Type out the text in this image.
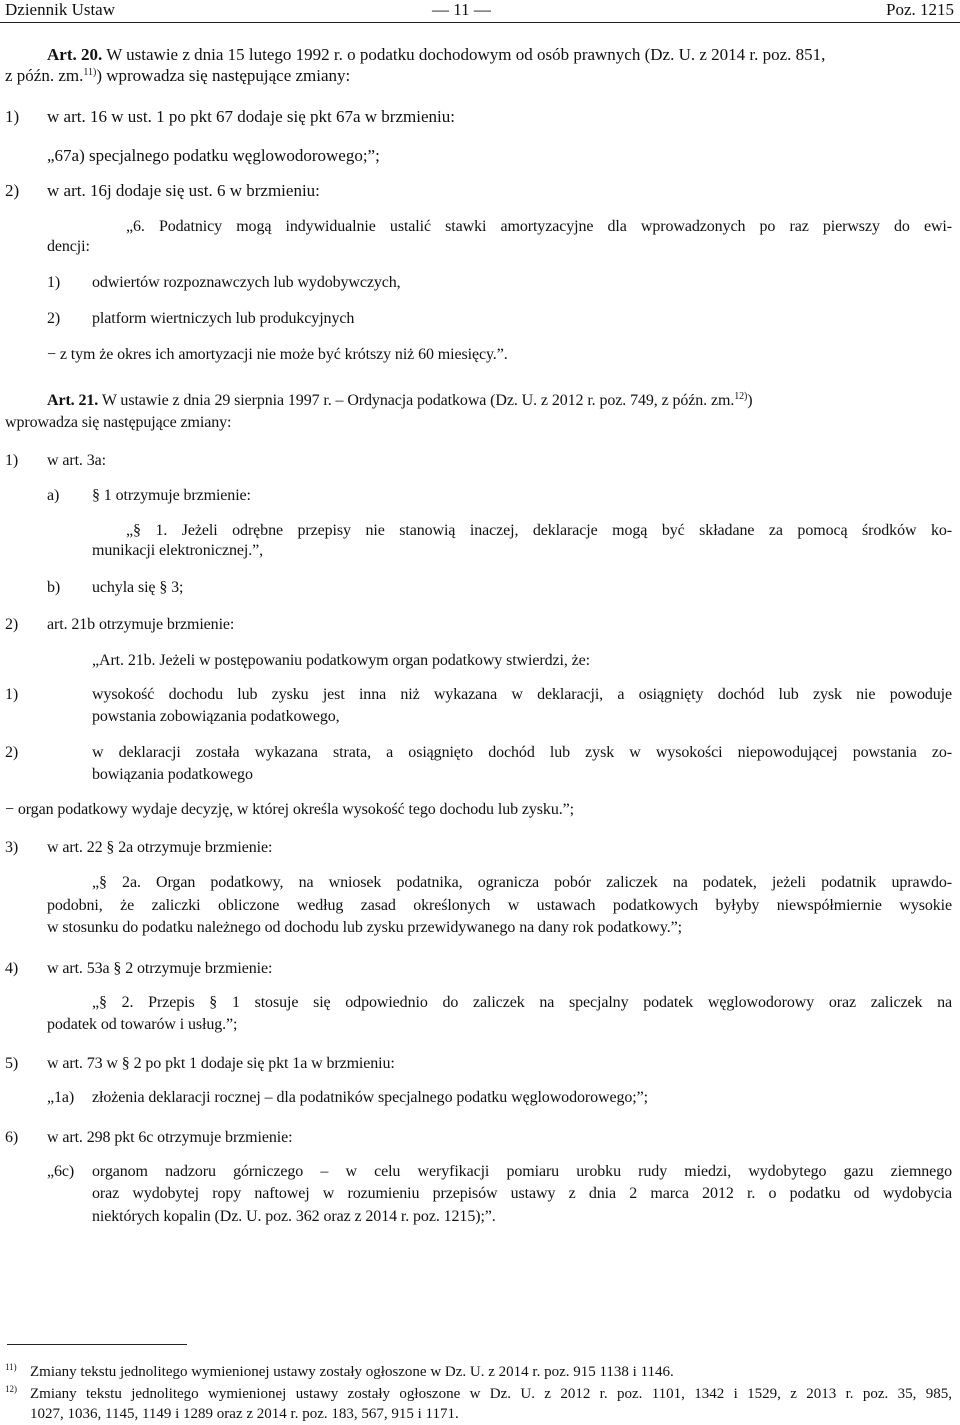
Dziennik Ustaw	— 11 —	Poz. 1215
Art. 20. W ustawie z dnia 15 lutego 1992 r. o podatku dochodowym od osób prawnych (Dz. U. z 2014 r. poz. 851,
z późn. zm.$^{11)}$) wprowadza się następujące zmiany:
1) w art. 16 w ust. 1 po pkt 67 dodaje się pkt 67a w brzmieniu:
„67a) specjalnego podatku węglowodorowego;”;
2) w art. 16j dodaje się ust. 6 w brzmieniu:
„6. Podatnicy mogą indywidualnie ustalić stawki amortyzacyjne dla wprowadzonych po raz pierwszy do ewi-
dencji:
1) odwiertów rozpoznawczych lub wydobywczych,
2) platform wiertniczych lub produkcyjnych
− z tym że okres ich amortyzacji nie może być krótszy niż 60 miesięcy.”.
Art. 21. W ustawie z dnia 29 sierpnia 1997 r. – Ordynacja podatkowa (Dz. U. z 2012 r. poz. 749, z późn. zm.$^{12)}$)
wprowadza się następujące zmiany:
1) w art. 3a:
a) § 1 otrzymuje brzmienie:
„§ 1. Jeżeli odrębne przepisy nie stanowią inaczej, deklaracje mogą być składane za pomocą środków ko-
munikacji elektronicznej.”,
b) uchyla się § 3;
2) art. 21b otrzymuje brzmienie:
„Art. 21b. Jeżeli w postępowaniu podatkowym organ podatkowy stwierdzi, że:
1)	wysokość dochodu lub zysku jest inna niż wykazana w deklaracji, a osiągnięty dochód lub zysk nie powoduje
powstania zobowiązania podatkowego,
2)	w deklaracji została wykazana strata, a osiągnięto dochód lub zysk w wysokości niepowodującej powstania zo-
bowiązania podatkowego
− organ podatkowy wydaje decyzję, w której określa wysokość tego dochodu lub zysku.”;
3) w art. 22 § 2a otrzymuje brzmienie:
„§ 2a. Organ podatkowy, na wniosek podatnika, ogranicza pobór zaliczek na podatek, jeżeli podatnik uprawdo-
podobni, że zaliczki obliczone według zasad określonych w ustawach podatkowych byłyby niewspółmiernie wysokie
w stosunku do podatku należnego od dochodu lub zysku przewidywanego na dany rok podatkowy.”;
4) w art. 53a § 2 otrzymuje brzmienie:
„§ 2. Przepis § 1 stosuje się odpowiednio do zaliczek na specjalny podatek węglowodorowy oraz zaliczek na
podatek od towarów i usług.”;
5) w art. 73 w § 2 po pkt 1 dodaje się pkt 1a w brzmieniu:
„1a) złożenia deklaracji rocznej – dla podatników specjalnego podatku węglowodorowego;”;
6) w art. 298 pkt 6c otrzymuje brzmienie:
„6c) organom nadzoru górniczego – w celu weryfikacji pomiaru urobku rudy miedzi, wydobytego gazu ziemnego
oraz wydobytej ropy naftowej w rozumieniu przepisów ustawy z dnia 2 marca 2012 r. o podatku od wydobycia
niektórych kopalin (Dz. U. poz. 362 oraz z 2014 r. poz. 1215);”.
$^{11)}$ Zmiany tekstu jednolitego wymienionej ustawy zostały ogłoszone w Dz. U. z 2014 r. poz. 915 1138 i 1146.
$^{12)}$ Zmiany tekstu jednolitego wymienionej ustawy zostały ogłoszone w Dz. U. z 2012 r. poz. 1101, 1342 i 1529, z 2013 r. poz. 35, 985,
1027, 1036, 1145, 1149 i 1289 oraz z 2014 r. poz. 183, 567, 915 i 1171.
